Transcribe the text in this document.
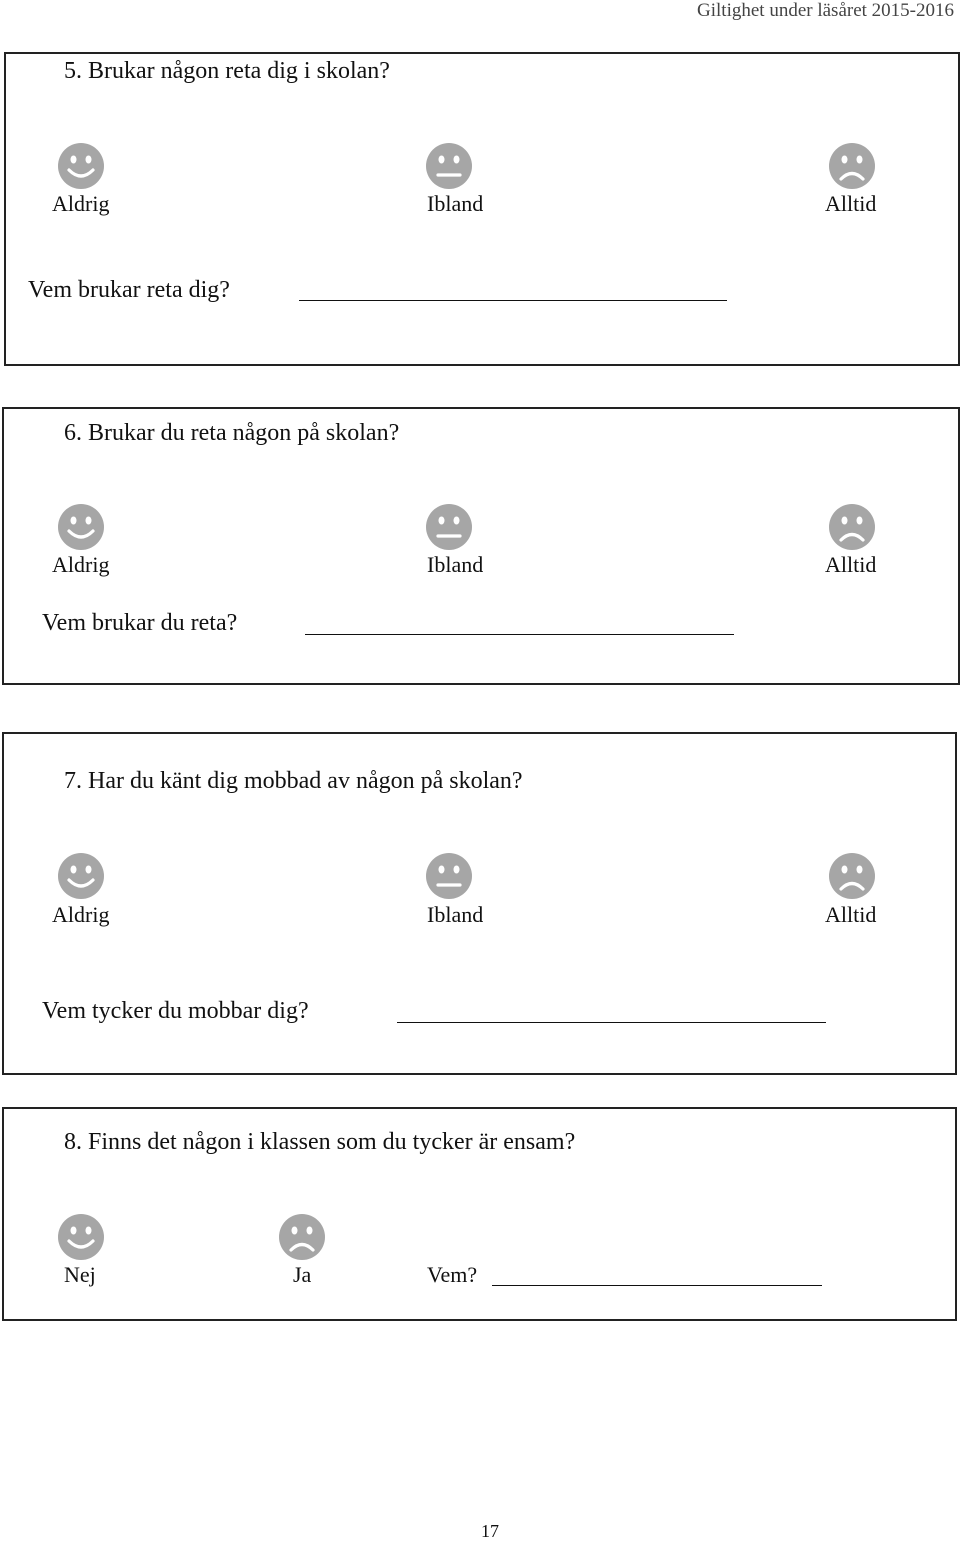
Giltighet under läsåret 2015-2016
5. Brukar någon reta dig i skolan?
Aldrig	Ibland	Alltid
Vem brukar reta dig?
6. Brukar du reta någon på skolan?
Aldrig	Ibland	Alltid
Vem brukar du reta?
7. Har du känt dig mobbad av någon på skolan?
Aldrig	Ibland	Alltid
Vem tycker du mobbar dig?
8. Finns det någon i klassen som du tycker är ensam?
Nej	Ja	Vem?
17
